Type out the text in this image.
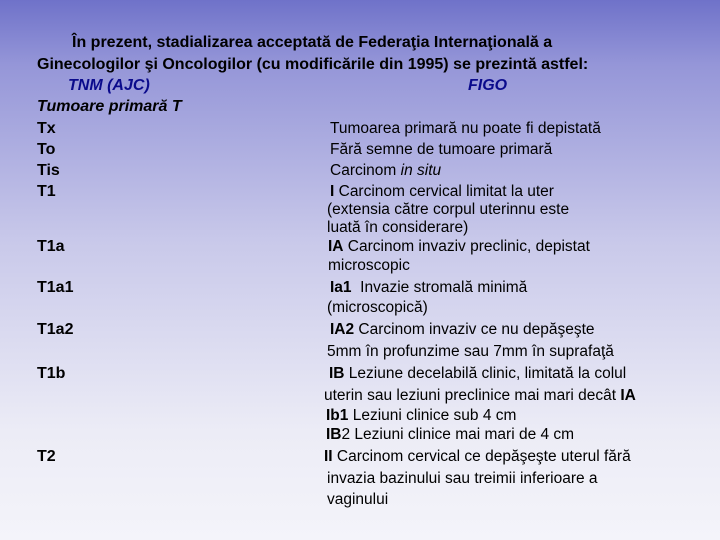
În prezent, stadializarea acceptată de Federaţia Internaţională a
Ginecologilor şi Oncologilor (cu modificările din 1995) se prezintă astfel:
TNM (AJC)	FIGO
Tumoare primară T
Tx
To
Tis
T1
T1a
T1a1
T1a2
T1b
T2
Tumoarea primară nu poate fi depistată
Fără semne de tumoare primară
Carcinom in situ
I Carcinom cervical limitat la uter
(extensia către corpul uterinnu este
luată în considerare)
IA Carcinom invaziv preclinic, depistat
microscopic
Ia1  Invazie stromală minimă
(microscopică)
IA2 Carcinom invaziv ce nu depăşeşte
5mm în profunzime sau 7mm în suprafaţă
IB Leziune decelabilă clinic, limitată la colul
uterin sau leziuni preclinice mai mari decât IA
Ib1 Leziuni clinice sub 4 cm
IB2 Leziuni clinice mai mari de 4 cm
II Carcinom cervical ce depăşeşte uterul fără
invazia bazinului sau treimii inferioare a
vaginului
